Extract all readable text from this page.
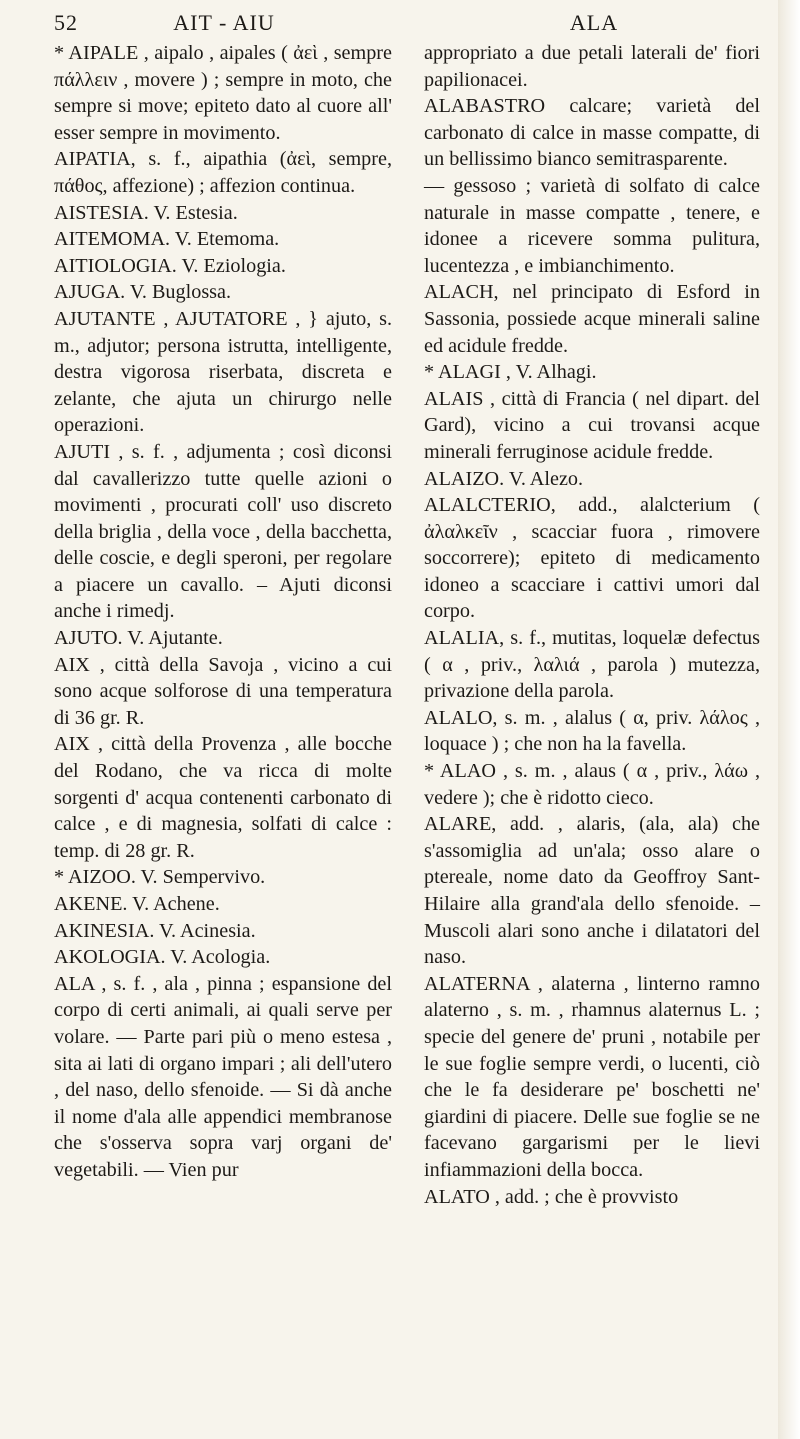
52	AIT - AIU	ALA

* AIPALE , aipalo , aipales ( ἀεὶ , sempre πάλλειν , movere ) ; sempre in moto, che sempre si move; epiteto dato al cuore all' esser sempre in movimento.

AIPATIA, s. f., aipathia (ἀεὶ, sempre, πάθος, affezione) ; affezion continua.

AISTESIA. V. Estesia.

AITEMOMA. V. Etemoma.

AITIOLOGIA. V. Eziologia.

AJUGA. V. Buglossa.

AJUTANTE , AJUTATORE , } ajuto, s. m., adjutor; persona istrutta, intelligente, destra vigorosa riserbata, discreta e zelante, che ajuta un chirurgo nelle operazioni.

AJUTI , s. f. , adjumenta ; così diconsi dal cavallerizzo tutte quelle azioni o movimenti , procurati coll' uso discreto della briglia , della voce , della bacchetta, delle coscie, e degli speroni, per regolare a piacere un cavallo. – Ajuti diconsi anche i rimedj.

AJUTO. V. Ajutante.

AIX , città della Savoja , vicino a cui sono acque solforose di una temperatura di 36 gr. R.

AIX , città della Provenza , alle bocche del Rodano, che va ricca di molte sorgenti d' acqua contenenti carbonato di calce , e di magnesia, solfati di calce : temp. di 28 gr. R.

* AIZOO. V. Sempervivo.

AKENE. V. Achene.

AKINESIA. V. Acinesia.

AKOLOGIA. V. Acologia.

ALA , s. f. , ala , pinna ; espansione del corpo di certi animali, ai quali serve per volare. — Parte pari più o meno estesa , sita ai lati di organo impari ; ali dell'utero , del naso, dello sfenoide. — Si dà anche il nome d'ala alle appendici membranose che s'osserva sopra varj organi de' vegetabili. — Vien pur

appropriato a due petali laterali de' fiori papilionacei.

ALABASTRO calcare; varietà del carbonato di calce in masse compatte, di un bellissimo bianco semitrasparente.

— gessoso ; varietà di solfato di calce naturale in masse compatte , tenere, e idonee a ricevere somma pulitura, lucentezza , e imbianchimento.

ALACH, nel principato di Esford in Sassonia, possiede acque minerali saline ed acidule fredde.

* ALAGI , V. Alhagi.

ALAIS , città di Francia ( nel dipart. del Gard), vicino a cui trovansi acque minerali ferruginose acidule fredde.

ALAIZO. V. Alezo.

ALALCTERIO, add., alalcterium ( ἀλαλκεῖν , scacciar fuora , rimovere soccorrere); epiteto di medicamento idoneo a scacciare i cattivi umori dal corpo.

ALALIA, s. f., mutitas, loquelæ defectus ( α , priv., λαλιά , parola ) mutezza, privazione della parola.

ALALO, s. m. , alalus ( α, priv. λάλος , loquace ) ; che non ha la favella.

* ALAO , s. m. , alaus ( α , priv., λάω , vedere ); che è ridotto cieco.

ALARE, add. , alaris, (ala, ala) che s'assomiglia ad un'ala; osso alare o pterealе, nome dato da Geoffroy Sant-Hilaire alla grand'ala dello sfenoide. – Muscoli alari sono anche i dilatatori del naso.

ALATERNA , alaterna , linterno ramno alaterno , s. m. , rhamnus alaternus L. ; specie del genere de' pruni , notabile per le sue foglie sempre verdi, o lucenti, ciò che le fa desiderare pe' boschetti ne' giardini di piacere. Delle sue foglie se ne facevano gargarismi per le lievi infiammazioni della bocca.

ALATO , add. ; che è provvisto
